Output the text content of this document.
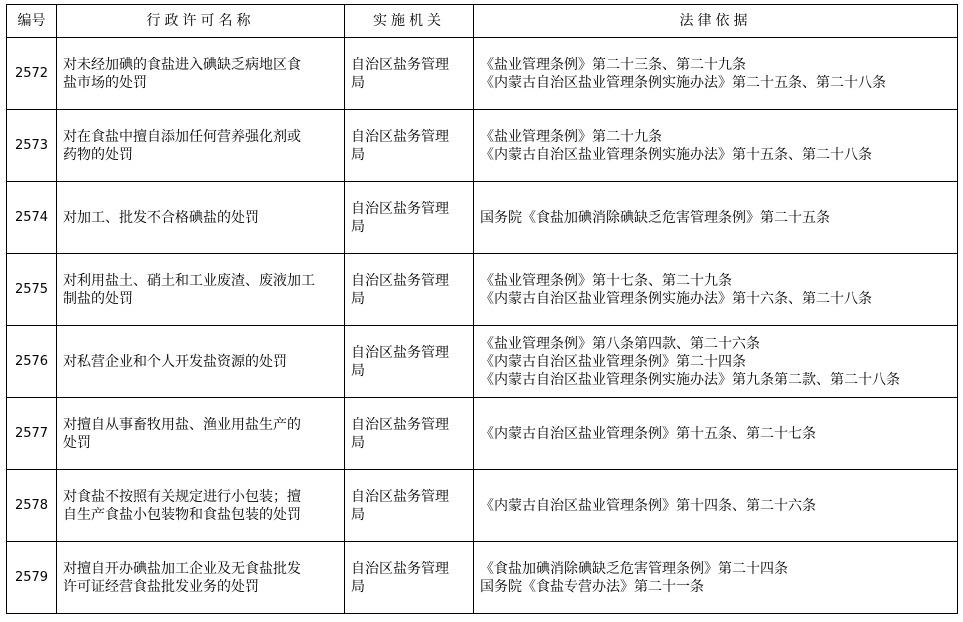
编号	行政许可名称	实施机关	法律依据
2572	对未经加碘的食盐进入碘缺乏病地区食
盐市场的处罚	自治区盐务管理
局	《盐业管理条例》第二十三条、第二十九条
《内蒙古自治区盐业管理条例实施办法》第二十五条、第二十八条

2573	对在食盐中擅自添加任何营养强化剂或
药物的处罚	自治区盐务管理
局	《盐业管理条例》第二十九条
《内蒙古自治区盐业管理条例实施办法》第十五条、第二十八条

2574	对加工、批发不合格碘盐的处罚	自治区盐务管理
局	国务院《食盐加碘消除碘缺乏危害管理条例》第二十五条

2575	对利用盐土、硝土和工业废渣、废液加工
制盐的处罚	自治区盐务管理
局	《盐业管理条例》第十七条、第二十九条
《内蒙古自治区盐业管理条例实施办法》第十六条、第二十八条

2576	对私营企业和个人开发盐资源的处罚	自治区盐务管理
局	《盐业管理条例》第八条第四款、第二十六条
《内蒙古自治区盐业管理条例》第二十四条
《内蒙古自治区盐业管理条例实施办法》第九条第二款、第二十八条

2577	对擅自从事畜牧用盐、渔业用盐生产的
处罚	自治区盐务管理
局	《内蒙古自治区盐业管理条例》第十五条、第二十七条

2578	对食盐不按照有关规定进行小包装；擅
自生产食盐小包装物和食盐包装的处罚	自治区盐务管理
局	《内蒙古自治区盐业管理条例》第十四条、第二十六条

2579	对擅自开办碘盐加工企业及无食盐批发
许可证经营食盐批发业务的处罚	自治区盐务管理
局	《食盐加碘消除碘缺乏危害管理条例》第二十四条
国务院《食盐专营办法》第二十一条
